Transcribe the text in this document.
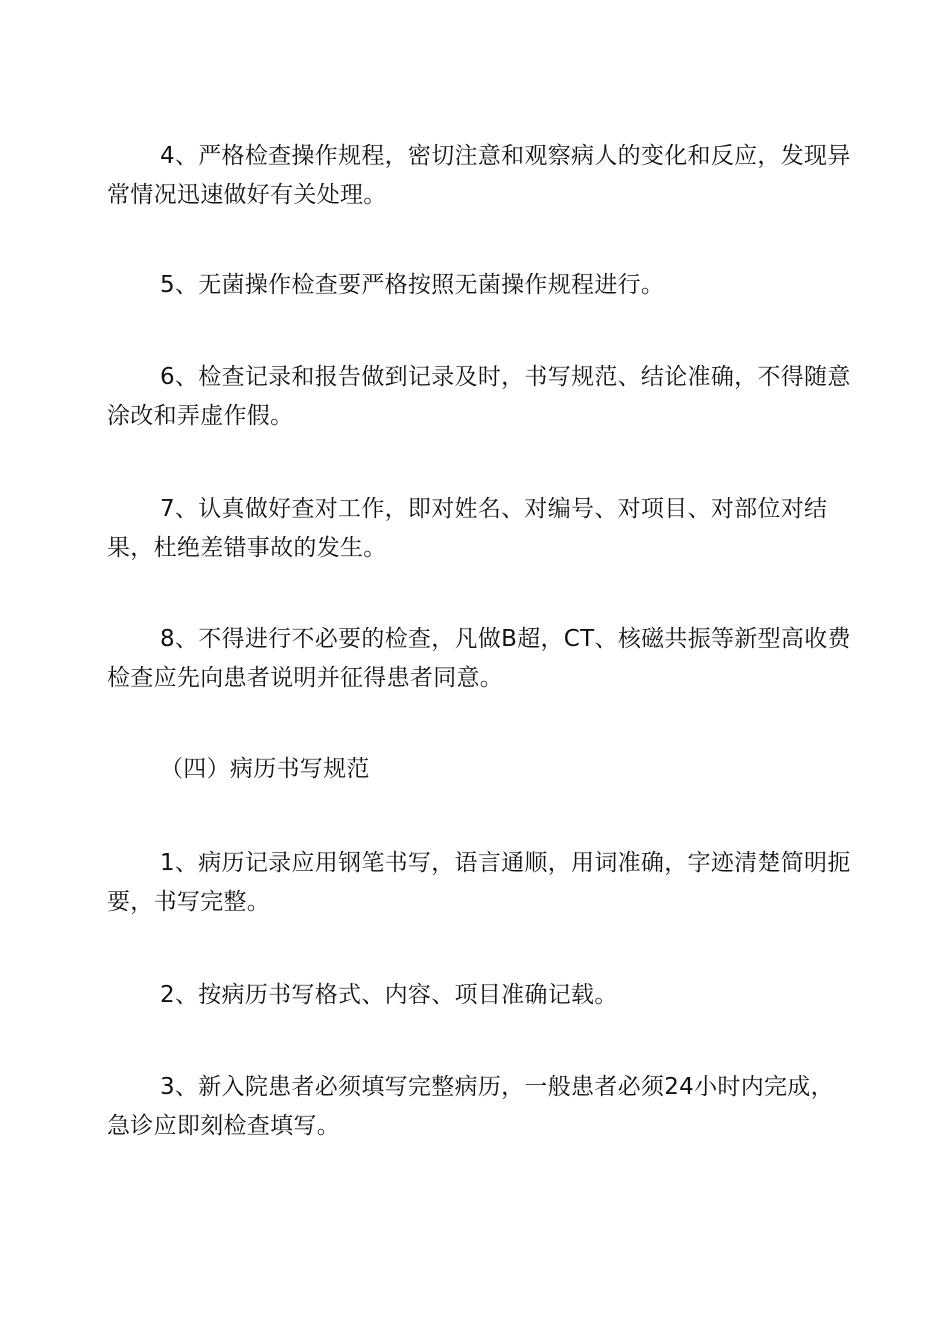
4、严格检查操作规程，密切注意和观察病人的变化和反应，发现异常情况迅速做好有关处理。

5、无菌操作检查要严格按照无菌操作规程进行。

6、检查记录和报告做到记录及时，书写规范、结论准确，不得随意涂改和弄虚作假。

7、认真做好查对工作，即对姓名、对编号、对项目、对部位对结果，杜绝差错事故的发生。

8、不得进行不必要的检查，凡做B超，CT、核磁共振等新型高收费检查应先向患者说明并征得患者同意。

（四）病历书写规范

1、病历记录应用钢笔书写，语言通顺，用词准确，字迹清楚简明扼要，书写完整。

2、按病历书写格式、内容、项目准确记载。

3、新入院患者必须填写完整病历，一般患者必须24小时内完成，急诊应即刻检查填写。
